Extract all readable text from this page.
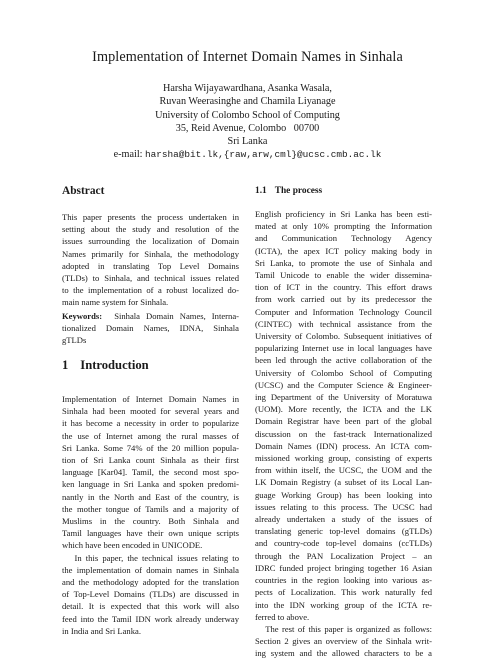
Implementation of Internet Domain Names in Sinhala
Harsha Wijayawardhana, Asanka Wasala,
Ruvan Weerasinghe and Chamila Liyanage
University of Colombo School of Computing
35, Reid Avenue, Colombo   00700
Sri Lanka
e-mail: harsha@bit.lk,{raw,arw,cml}@ucsc.cmb.ac.lk
Abstract
This paper presents the process undertaken in
setting about the study and resolution of the
issues surrounding the localization of Domain
Names primarily for Sinhala, the methodology
adopted in translating Top Level Domains
(TLDs) to Sinhala, and technical issues related
to the implementation of a robust localized do-
main name system for Sinhala.
Keywords: Sinhala Domain Names, Interna-
tionalized   Domain   Names,   IDNA,   Sinhala
gTLDs
1 Introduction
Implementation of Internet Domain Names in
Sinhala had been mooted for several years and
it has become a necessity in order to popularize
the use of Internet among the rural masses of
Sri Lanka. Some 74% of the 20 million popula-
tion of Sri Lanka count Sinhala as their first
language [Kar04]. Tamil, the second most spo-
ken language in Sri Lanka and spoken predomi-
nantly in the North and East of the country, is
the mother tongue of Tamils and a majority of
Muslims in the country. Both Sinhala and
Tamil languages have their own unique scripts
which have been encoded in UNICODE.
In this paper, the technical issues relating to
the implementation of domain names in Sinhala
and the methodology adopted for the translation
of Top-Level Domains (TLDs) are discussed in
detail. It is expected that this work will also
feed into the Tamil IDN work already underway
in India and Sri Lanka.
1.1 The process
English proficiency in Sri Lanka has been esti-
mated at only 10% prompting the Information
and    Communication    Technology    Agency
(ICTA), the apex ICT policy making body in
Sri Lanka, to promote the use of Sinhala and
Tamil Unicode to enable the wider dissemina-
tion of ICT in the country. This effort draws
from work carried out by its predecessor the
Computer and Information Technology Council
(CINTEC) with technical assistance from the
University of Colombo. Subsequent initiatives of
popularizing Internet use in local languages have
been led through the active collaboration of the
University of Colombo School of Computing
(UCSC) and the Computer Science & Engineer-
ing Department of the University of Moratuwa
(UOM). More recently, the ICTA and the LK
Domain Registrar have been part of the global
discussion on the fast-track Internationalized
Domain Names (IDN) process. An ICTA com-
missioned working group, consisting of experts
from within itself, the UCSC, the UOM and the
LK Domain Registry (a subset of its Local Lan-
guage Working Group) has been looking into
issues relating to this process. The UCSC had
already undertaken a study of the issues of
translating generic top-level domains (gTLDs)
and country-code top-level domains (ccTLDs)
through the PAN Localization Project – an
IDRC funded project bringing together 16 Asian
countries in the region looking into various as-
pects of Localization. This work naturally fed
into the IDN working group of the ICTA re-
ferred to above.
The rest of this paper is organized as follows:
Section 2 gives an overview of the Sinhala writ-
ing system and the allowed characters to be a
